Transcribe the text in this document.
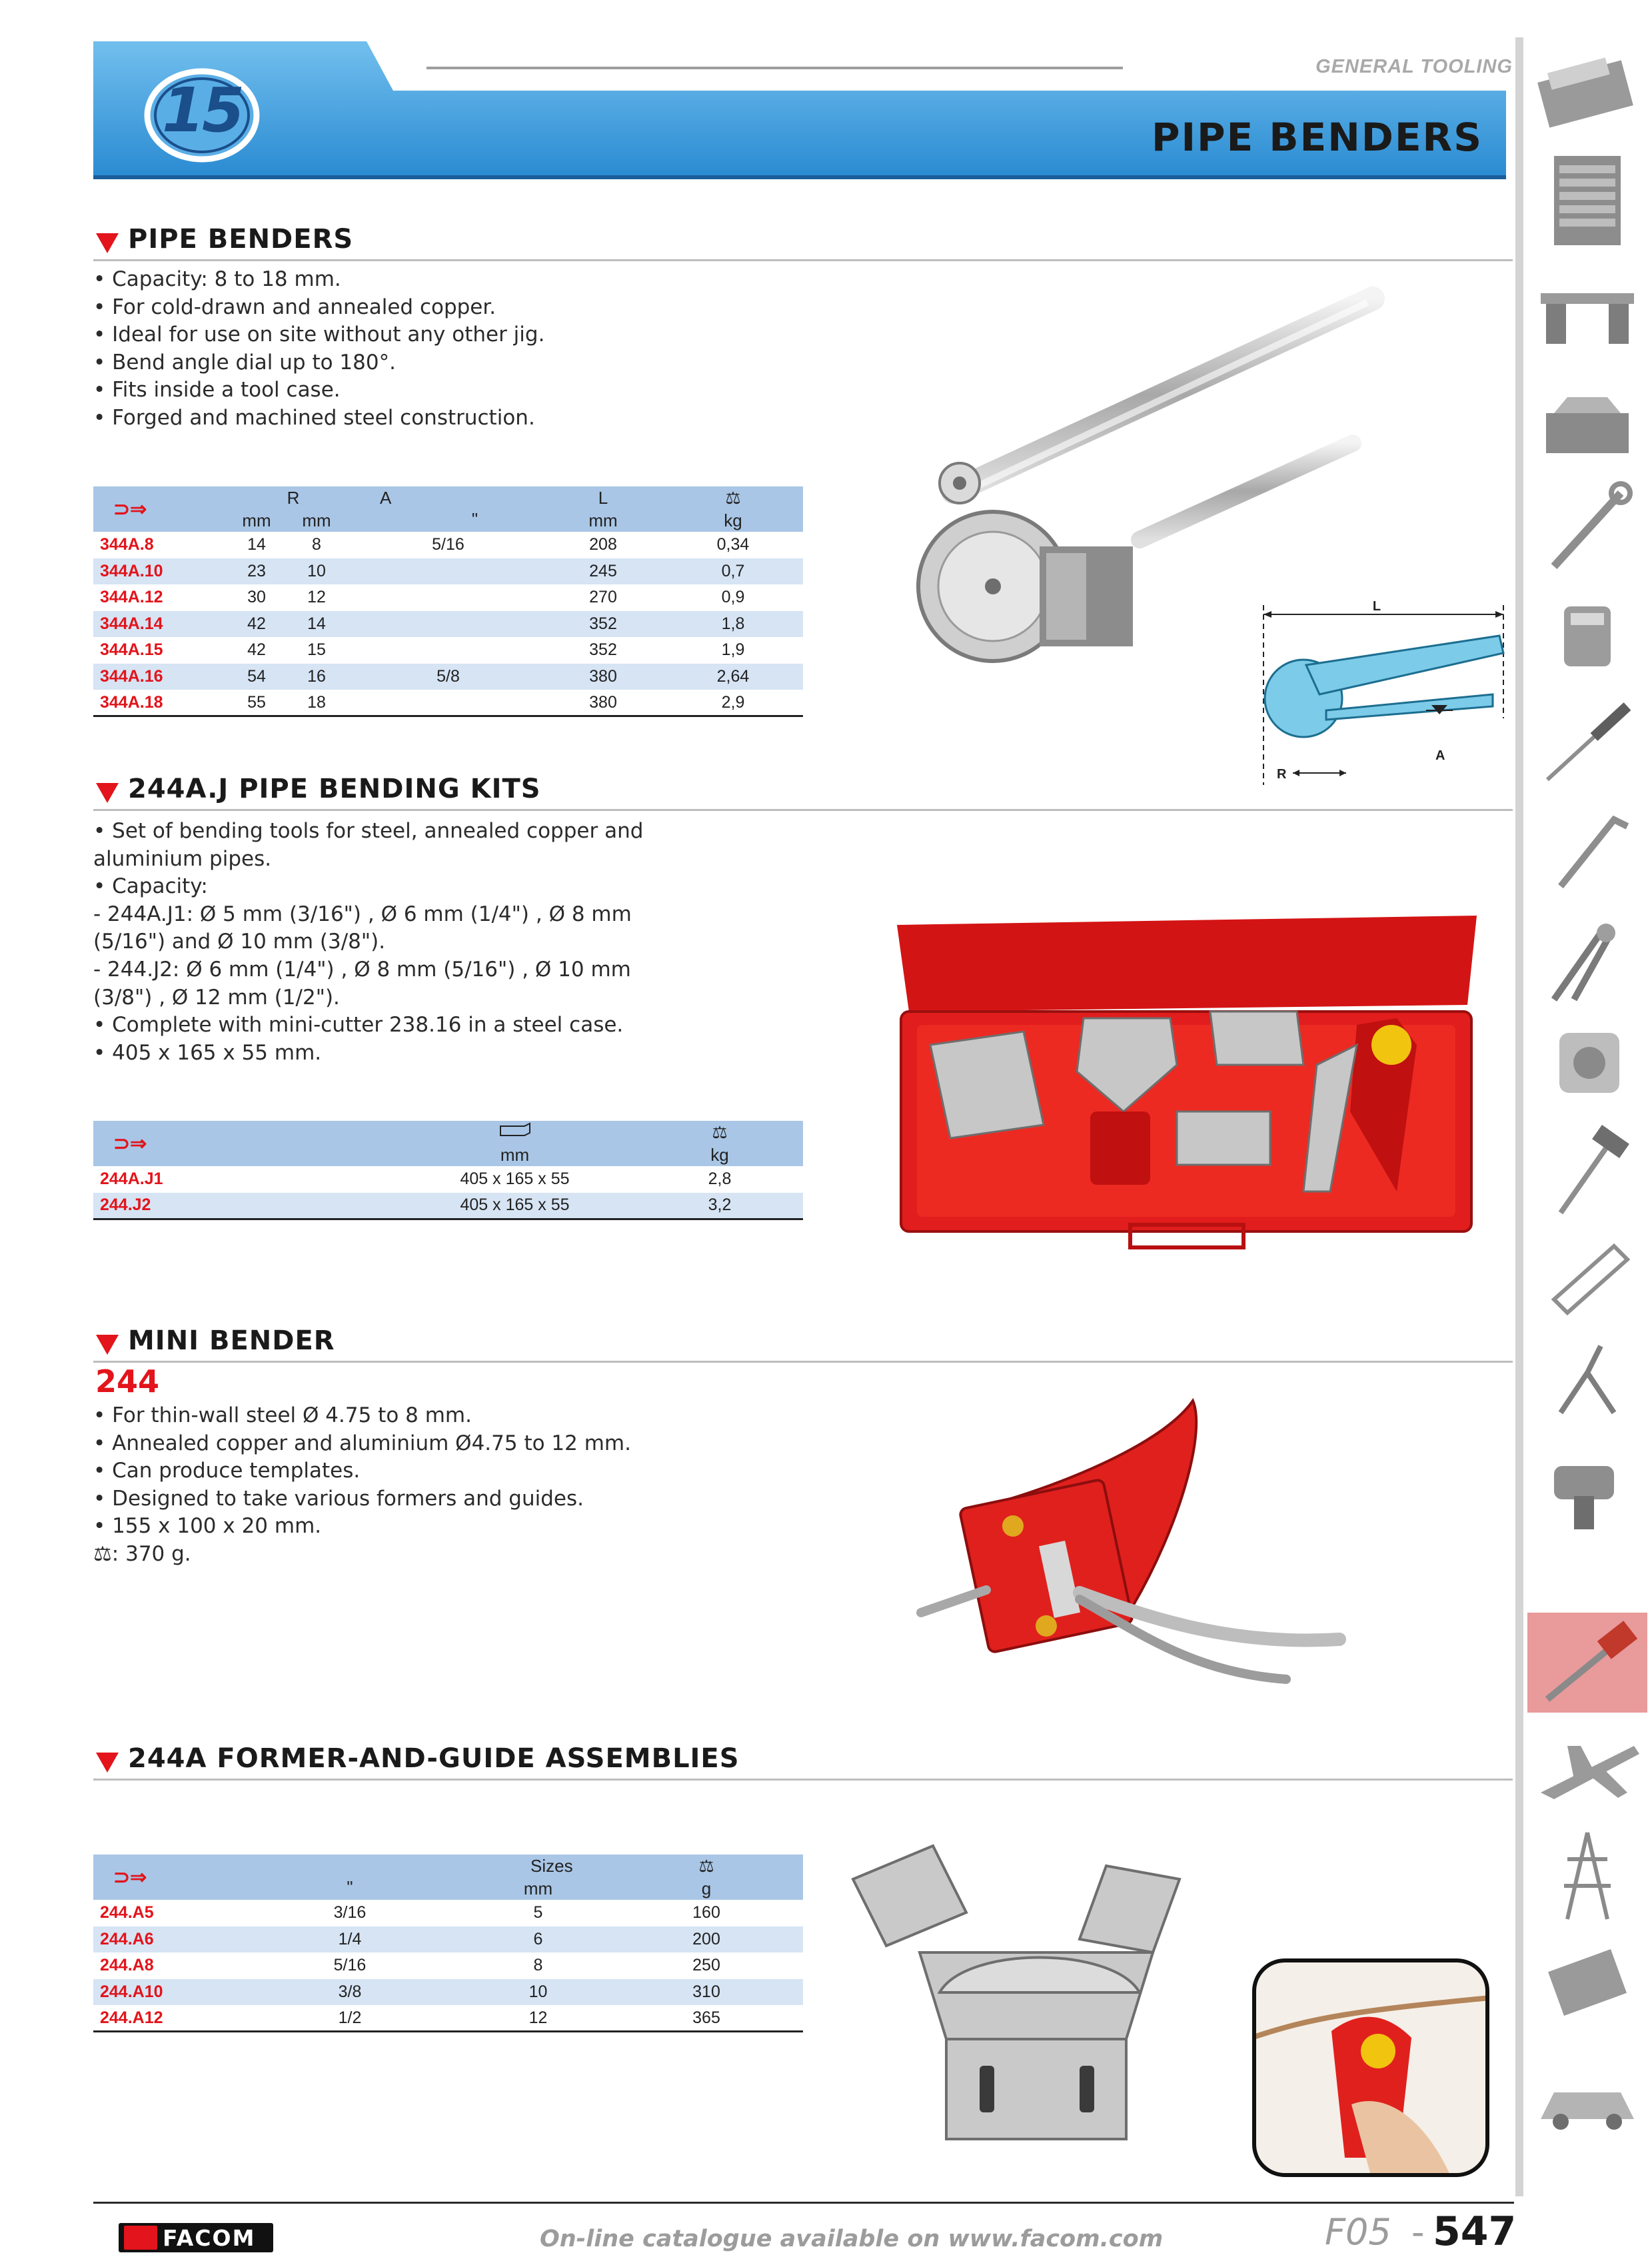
15
GENERAL TOOLING
PIPE BENDERS
PIPE BENDERS
• Capacity: 8 to 18 mm.
• For cold-drawn and annealed copper.
• Ideal for use on site without any other jig.
• Bend angle dial up to 180°.
• Fits inside a tool case.
• Forged and machined steel construction.
⊃⇒	R		A		L	⚖
	mm	mm		"	mm	kg
344A.8	14	8	5/16		208	0,34
344A.10	23	10			245	0,7
344A.12	30	12			270	0,9
344A.14	42	14			352	1,8
344A.15	42	15			352	1,9
344A.16	54	16	5/8		380	2,64
344A.18	55	18			380	2,9
L
R
A
244A.J PIPE BENDING KITS
• Set of bending tools for steel, annealed copper and
aluminium pipes.
• Capacity:
- 244A.J1: Ø 5 mm (3/16") , Ø 6 mm (1/4") , Ø 8 mm
(5/16") and Ø 10 mm (3/8").
- 244.J2: Ø 6 mm (1/4") , Ø 8 mm (5/16") , Ø 10 mm
(3/8") , Ø 12 mm (1/2").
• Complete with mini-cutter 238.16 in a steel case.
• 405 x 165 x 55 mm.
⊃⇒			⚖
		mm	kg
244A.J1		405 x 165 x 55	2,8
244.J2		405 x 165 x 55	3,2
MINI BENDER
244
• For thin-wall steel Ø 4.75 to 8 mm.
• Annealed copper and aluminium Ø4.75 to 12 mm.
• Can produce templates.
• Designed to take various formers and guides.
• 155 x 100 x 20 mm.
⚖: 370 g.
244A FORMER-AND-GUIDE ASSEMBLIES
⊃⇒	Sizes		⚖
	"	mm	g
244.A5	3/16	5	160
244.A6	1/4	6	200
244.A8	5/16	8	250
244.A10	3/8	10	310
244.A12	1/2	12	365
FACOM	On-line catalogue available on www.facom.com	F05 - 547
